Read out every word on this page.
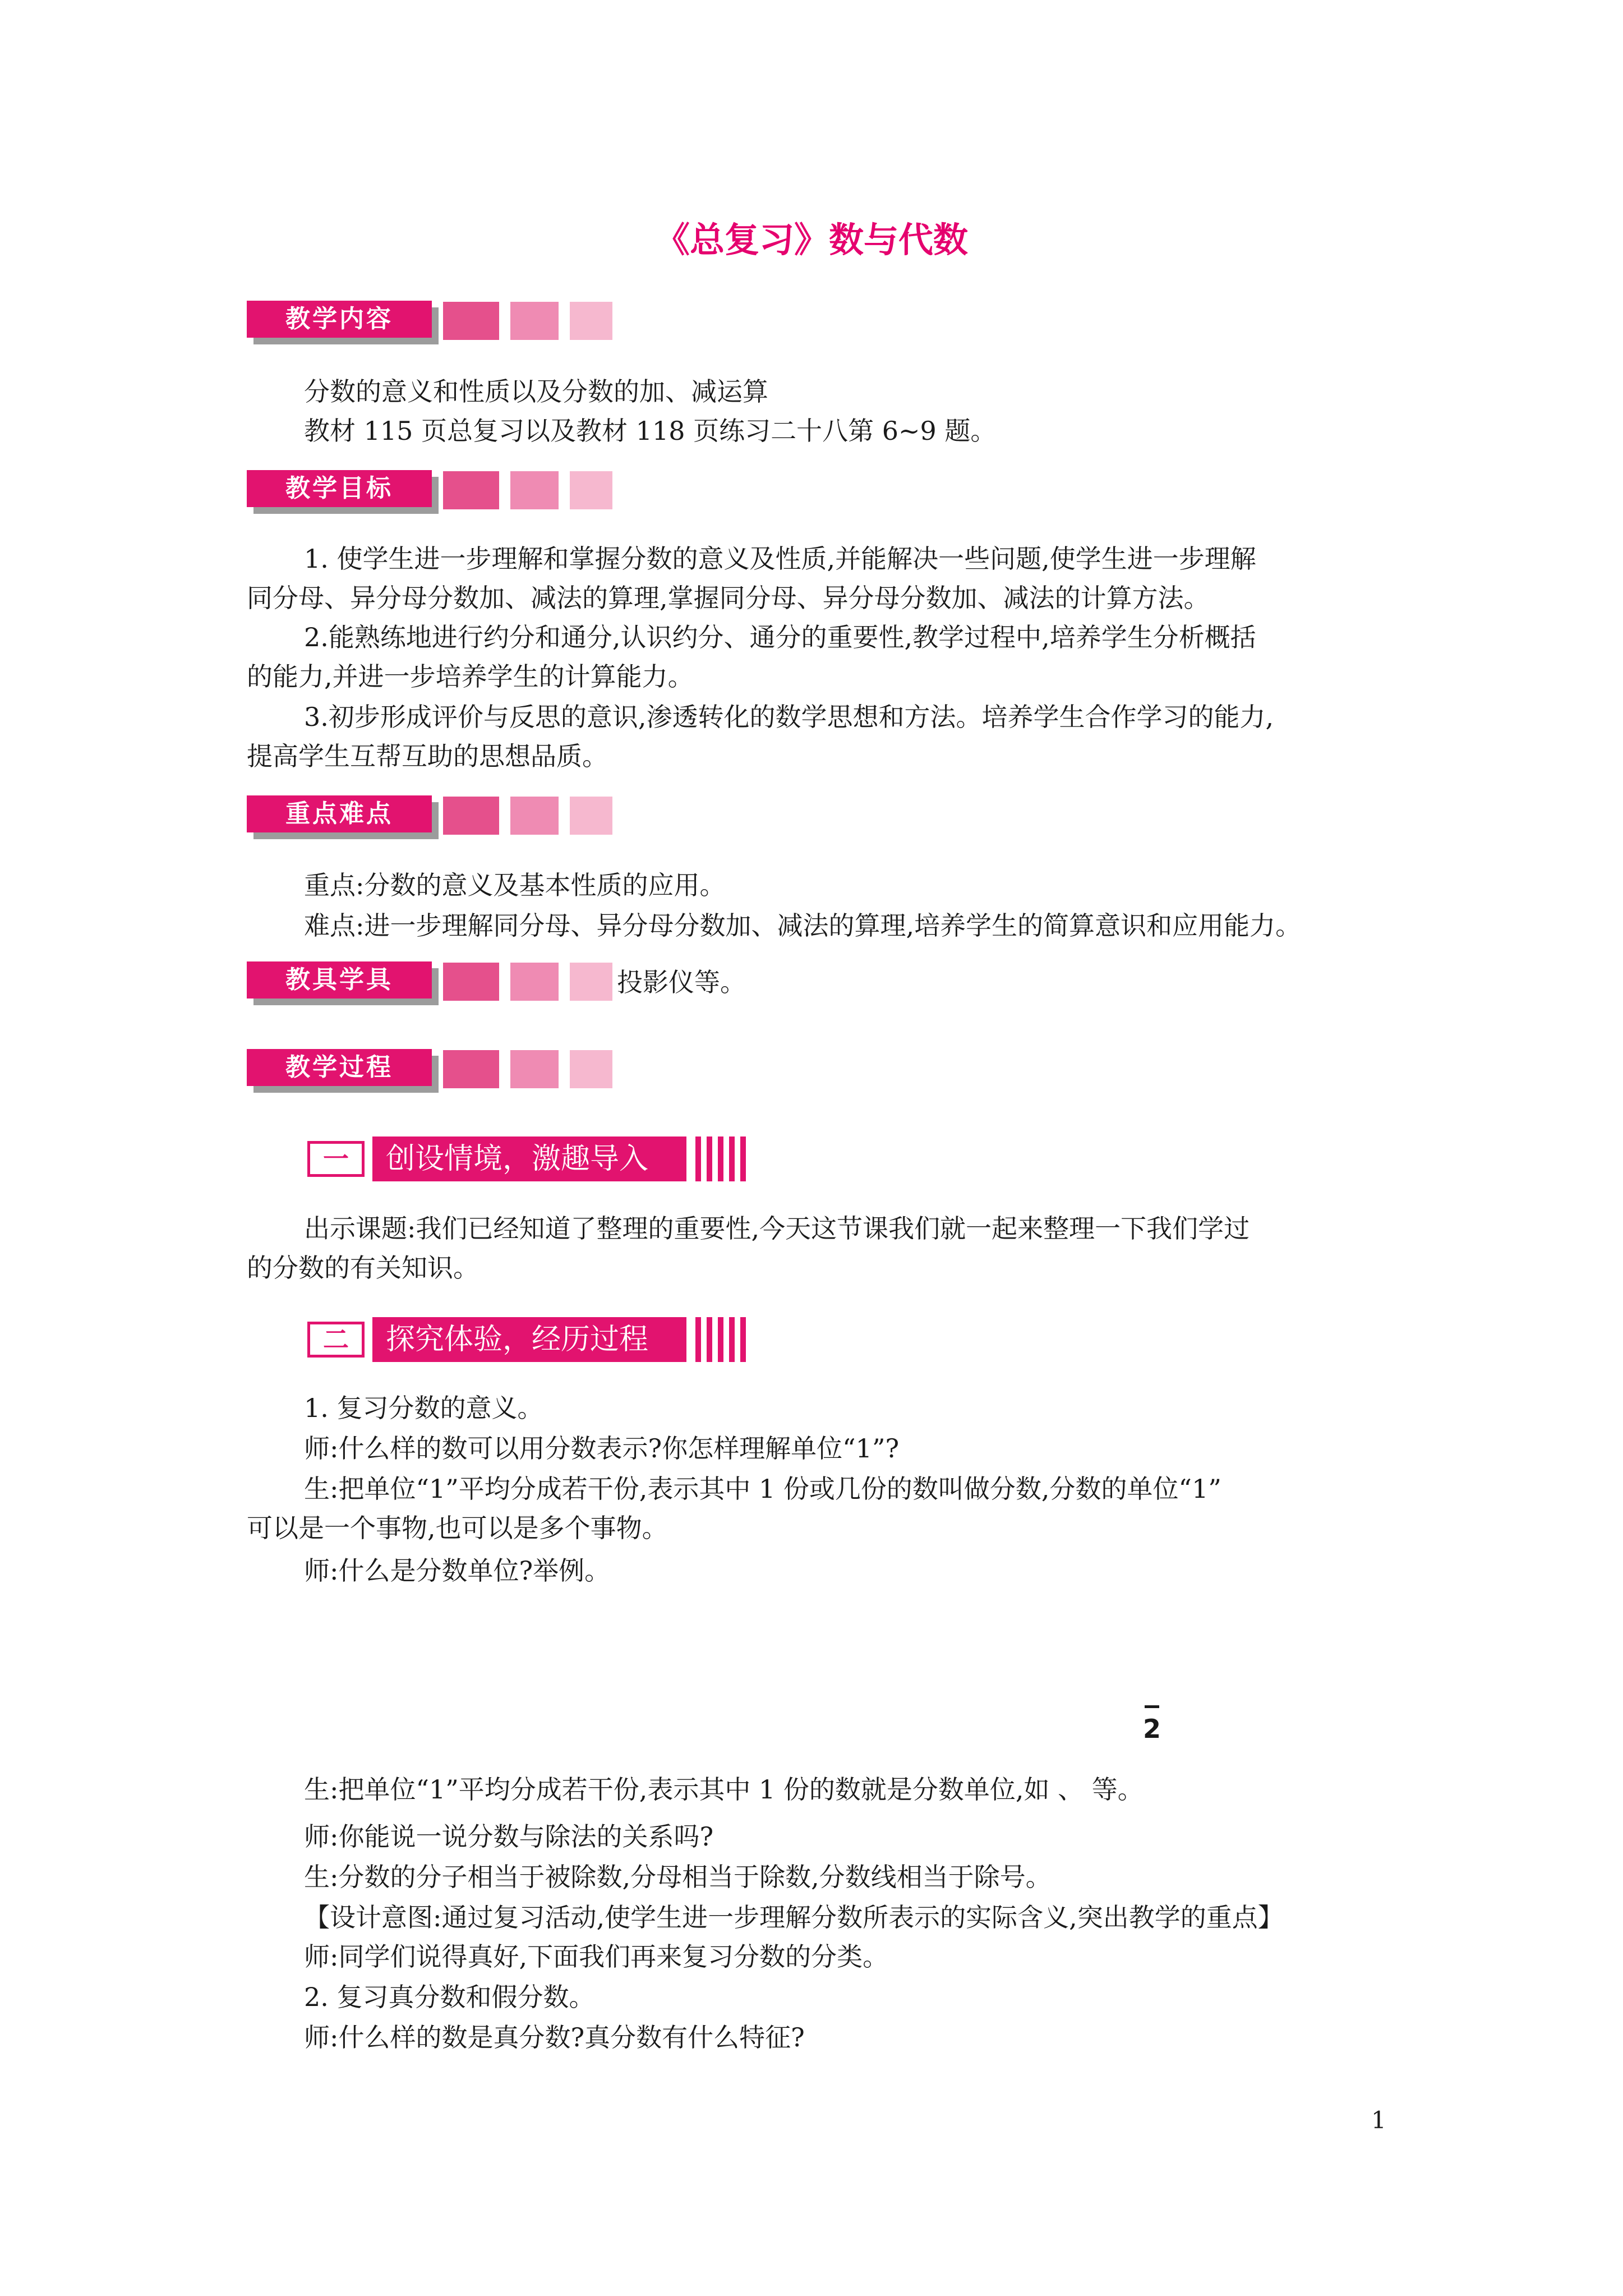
《总复习》数与代数
教学内容
分数的意义和性质以及分数的加、减运算
教材 115 页总复习以及教材 118 页练习二十八第 6~9 题。
教学目标
1. 使学生进一步理解和掌握分数的意义及性质,并能解决一些问题,使学生进一步理解
同分母、异分母分数加、减法的算理,掌握同分母、异分母分数加、减法的计算方法。
2.能熟练地进行约分和通分,认识约分、通分的重要性,教学过程中,培养学生分析概括
的能力,并进一步培养学生的计算能力。
3.初步形成评价与反思的意识,渗透转化的数学思想和方法。培养学生合作学习的能力,
提高学生互帮互助的思想品质。
重点难点
重点:分数的意义及基本性质的应用。
难点:进一步理解同分母、异分母分数加、减法的算理,培养学生的简算意识和应用能力。
教具学具	投影仪等。
教学过程
一	创设情境，激趣导入
出示课题:我们已经知道了整理的重要性,今天这节课我们就一起来整理一下我们学过
的分数的有关知识。
二	探究体验，经历过程
1. 复习分数的意义。
师:什么样的数可以用分数表示?你怎样理解单位“1”?
生:把单位“1”平均分成若干份,表示其中 1 份或几份的数叫做分数,分数的单位“1”
可以是一个事物,也可以是多个事物。
师:什么是分数单位?举例。
2
生:把单位“1”平均分成若干份,表示其中 1 份的数就是分数单位,如 、 等。
师:你能说一说分数与除法的关系吗?
生:分数的分子相当于被除数,分母相当于除数,分数线相当于除号。
【设计意图:通过复习活动,使学生进一步理解分数所表示的实际含义,突出教学的重点】
师:同学们说得真好,下面我们再来复习分数的分类。
2. 复习真分数和假分数。
师:什么样的数是真分数?真分数有什么特征?
1
